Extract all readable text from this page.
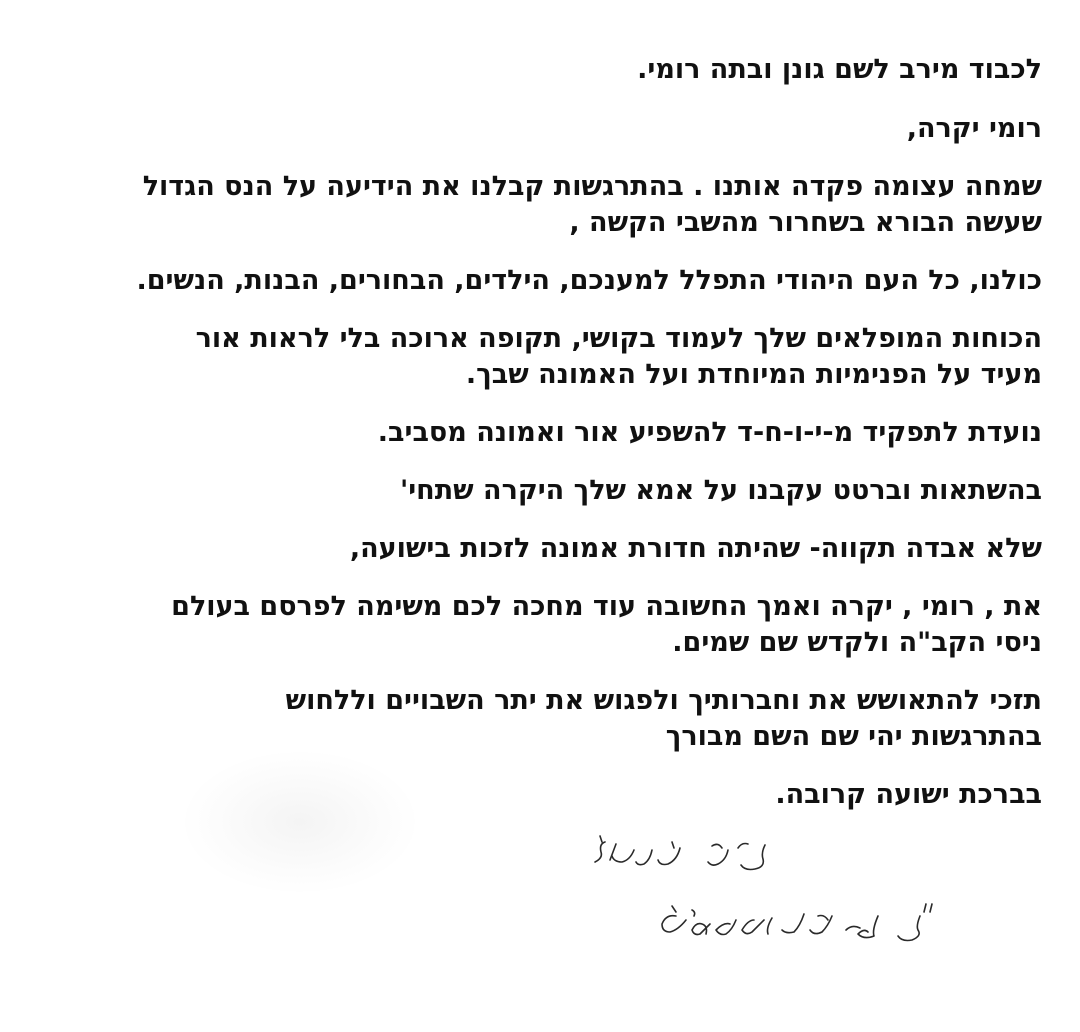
לכבוד מירב לשם גונן ובתה רומי.
רומי יקרה,
שמחה עצומה פקדה אותנו . בהתרגשות קבלנו את הידיעה על הנס הגדול
שעשה הבורא בשחרור מהשבי הקשה ,
כולנו, כל העם היהודי התפלל למענכם, הילדים, הבחורים, הבנות, הנשים.
הכוחות המופלאים שלך לעמוד בקושי, תקופה ארוכה בלי לראות אור
מעיד על הפנימיות המיוחדת ועל האמונה שבך.
נועדת לתפקיד מ-י-ו-ח-ד להשפיע אור ואמונה מסביב.
בהשתאות וברטט עקבנו על אמא שלך היקרה שתחי'
שלא אבדה תקווה- שהיתה חדורת אמונה לזכות בישועה,
את , רומי , יקרה ואמך החשובה עוד מחכה לכם משימה לפרסם בעולם
ניסי הקב"ה ולקדש שם שמים.
תזכי להתאושש את וחברותיך ולפגוש את יתר השבויים וללחוש
בהתרגשות יהי שם השם מבורך
בברכת ישועה קרובה.
